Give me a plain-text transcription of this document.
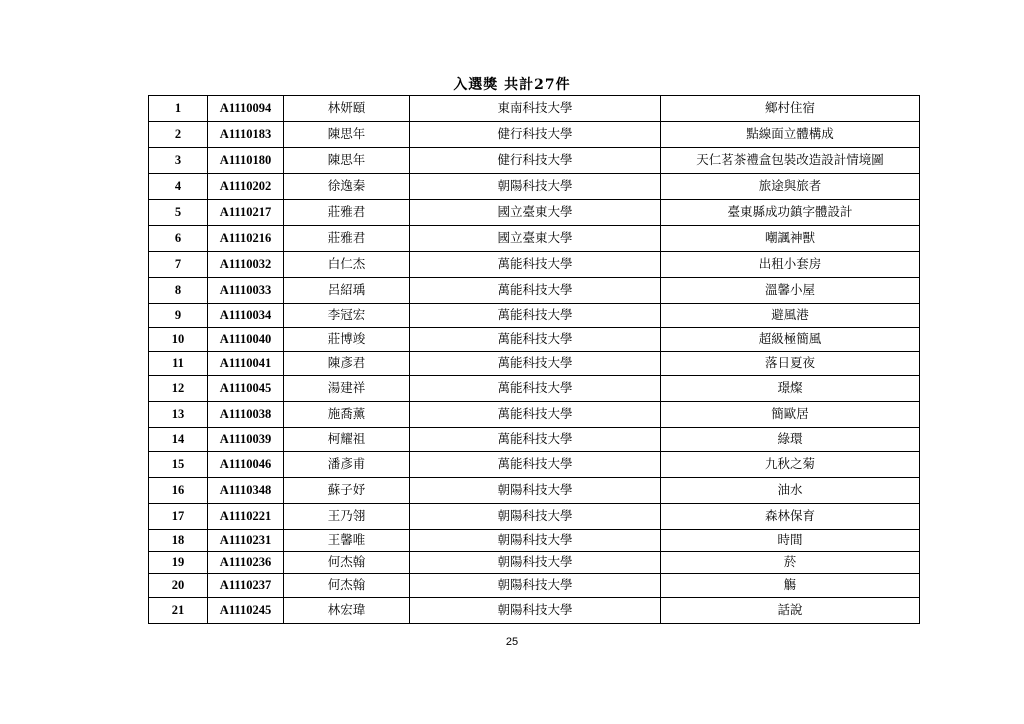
入選獎 共計27件
1	A1110094	林妍頤	東南科技大學	鄉村住宿
2	A1110183	陳思年	健行科技大學	點線面立體構成
3	A1110180	陳思年	健行科技大學	天仁茗茶禮盒包裝改造設計情境圖
4	A1110202	徐逸秦	朝陽科技大學	旅途與旅者
5	A1110217	莊雅君	國立臺東大學	臺東縣成功鎮字體設計
6	A1110216	莊雅君	國立臺東大學	嘲諷神獸
7	A1110032	白仁杰	萬能科技大學	出租小套房
8	A1110033	呂紹瑀	萬能科技大學	溫馨小屋
9	A1110034	李冠宏	萬能科技大學	避風港
10	A1110040	莊博竣	萬能科技大學	超級極簡風
11	A1110041	陳彥君	萬能科技大學	落日夏夜
12	A1110045	湯建祥	萬能科技大學	璟燦
13	A1110038	施喬薰	萬能科技大學	簡歐居
14	A1110039	柯耀祖	萬能科技大學	綠環
15	A1110046	潘彥甫	萬能科技大學	九秋之菊
16	A1110348	蘇子妤	朝陽科技大學	油水
17	A1110221	王乃翎	朝陽科技大學	森林保育
18	A1110231	王馨唯	朝陽科技大學	時間
19	A1110236	何杰翰	朝陽科技大學	菸
20	A1110237	何杰翰	朝陽科技大學	觴
21	A1110245	林宏瑋	朝陽科技大學	話說
25
